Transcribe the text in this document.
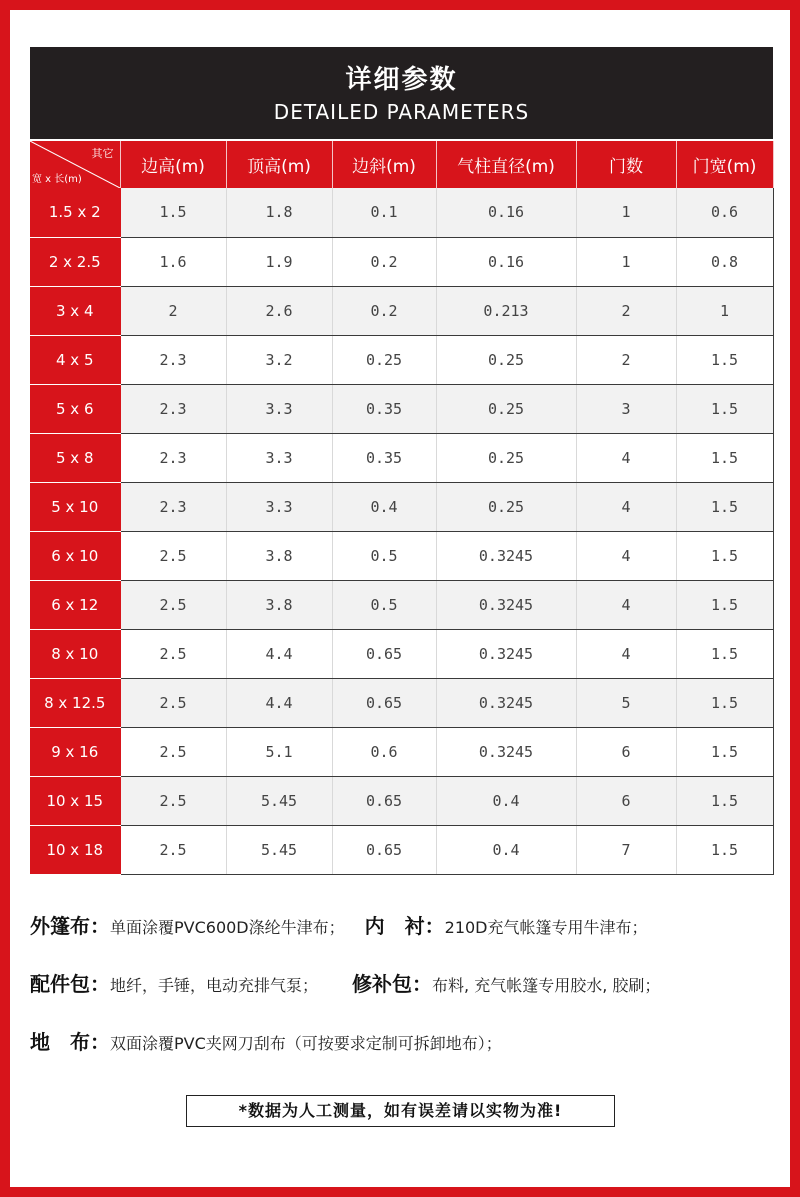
详细参数
DETAILED PARAMETERS
其它
宽 x 长(m)	边高(m)	顶高(m)	边斜(m)	气柱直径(m)	门数	门宽(m)
1.5 x 2	1.5	1.8	0.1	0.16	1	0.6
2 x 2.5	1.6	1.9	0.2	0.16	1	0.8
3 x 4	2	2.6	0.2	0.213	2	1
4 x 5	2.3	3.2	0.25	0.25	2	1.5
5 x 6	2.3	3.3	0.35	0.25	3	1.5
5 x 8	2.3	3.3	0.35	0.25	4	1.5
5 x 10	2.3	3.3	0.4	0.25	4	1.5
6 x 10	2.5	3.8	0.5	0.3245	4	1.5
6 x 12	2.5	3.8	0.5	0.3245	4	1.5
8 x 10	2.5	4.4	0.65	0.3245	4	1.5
8 x 12.5	2.5	4.4	0.65	0.3245	5	1.5
9 x 16	2.5	5.1	0.6	0.3245	6	1.5
10 x 15	2.5	5.45	0.65	0.4	6	1.5
10 x 18	2.5	5.45	0.65	0.4	7	1.5
外篷布：单面涂覆PVC600D涤纶牛津布； 内　衬：210D充气帐篷专用牛津布；
配件包：地纤，手锤，电动充排气泵； 修补包：布料, 充气帐篷专用胶水, 胶刷；
地　布：双面涂覆PVC夹网刀刮布（可按要求定制可拆卸地布）；
*数据为人工测量，如有误差请以实物为准!
